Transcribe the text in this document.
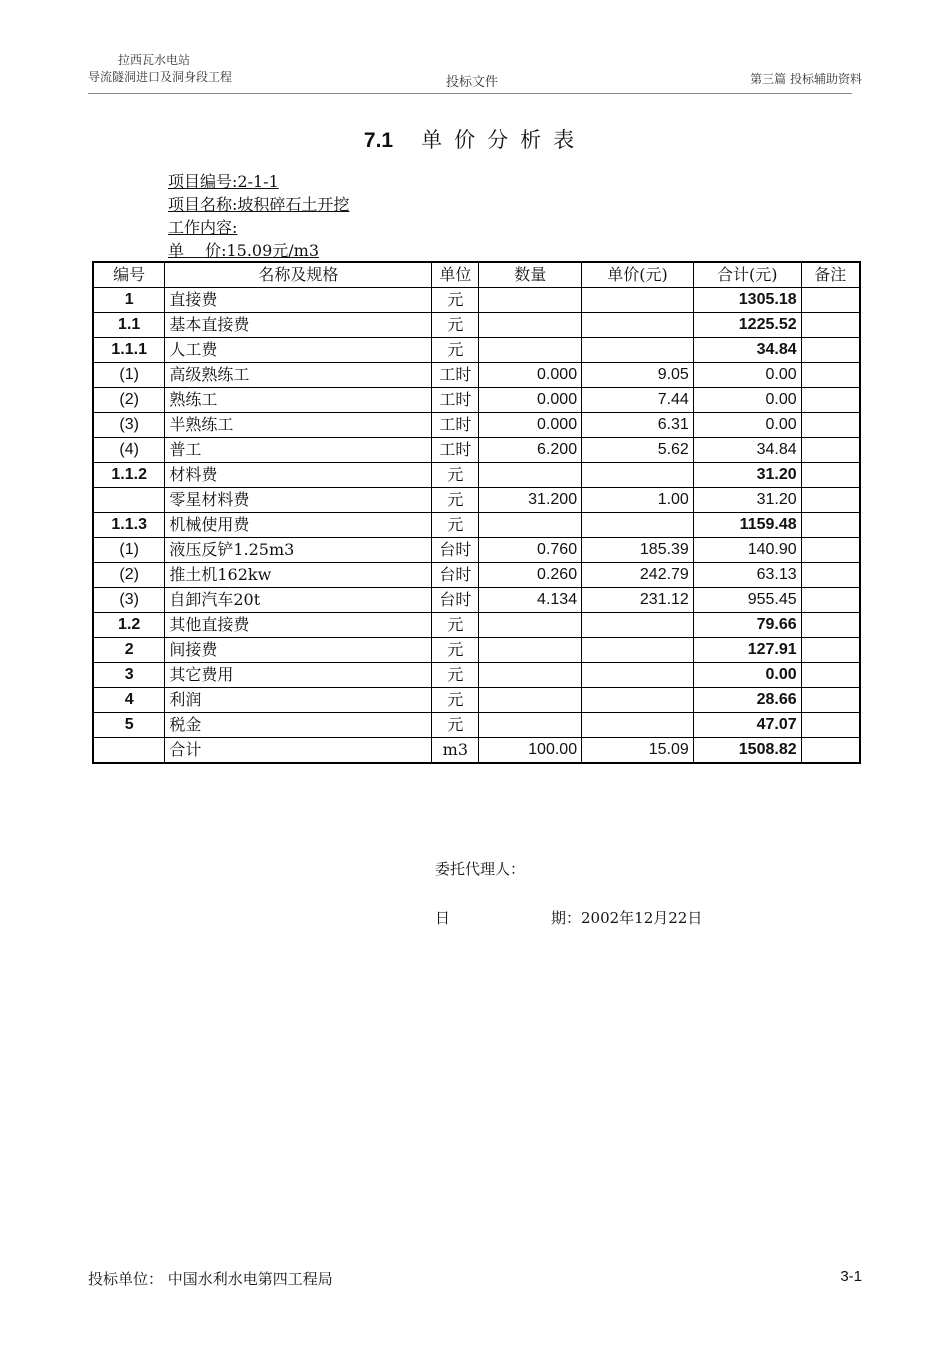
拉西瓦水电站
导流隧洞进口及洞身段工程	投标文件	第三篇 投标辅助资料
7.1 单价分析表
项目编号:2-1-1
项目名称:坡积碎石土开挖
工作内容:
单　 价:15.09元/m3
编号	名称及规格	单位	数量	单价(元)	合计(元)	备注
1	直接费	元			1305.18	
1.1	基本直接费	元			1225.52	
1.1.1	人工费	元			34.84	
(1)	高级熟练工	工时	0.000	9.05	0.00	
(2)	熟练工	工时	0.000	7.44	0.00	
(3)	半熟练工	工时	0.000	6.31	0.00	
(4)	普工	工时	6.200	5.62	34.84	
1.1.2	材料费	元			31.20	
	零星材料费	元	31.200	1.00	31.20	
1.1.3	机械使用费	元			1159.48	
(1)	液压反铲1.25m3	台时	0.760	185.39	140.90	
(2)	推土机162kw	台时	0.260	242.79	63.13	
(3)	自卸汽车20t	台时	4.134	231.12	955.45	
1.2	其他直接费	元			79.66	
2	间接费	元			127.91	
3	其它费用	元			0.00	
4	利润	元			28.66	
5	税金	元			47.07	
	合计	m3	100.00	15.09	1508.82	
委托代理人：
日	期：2002年12月22日
投标单位： 中国水利水电第四工程局	3-1
